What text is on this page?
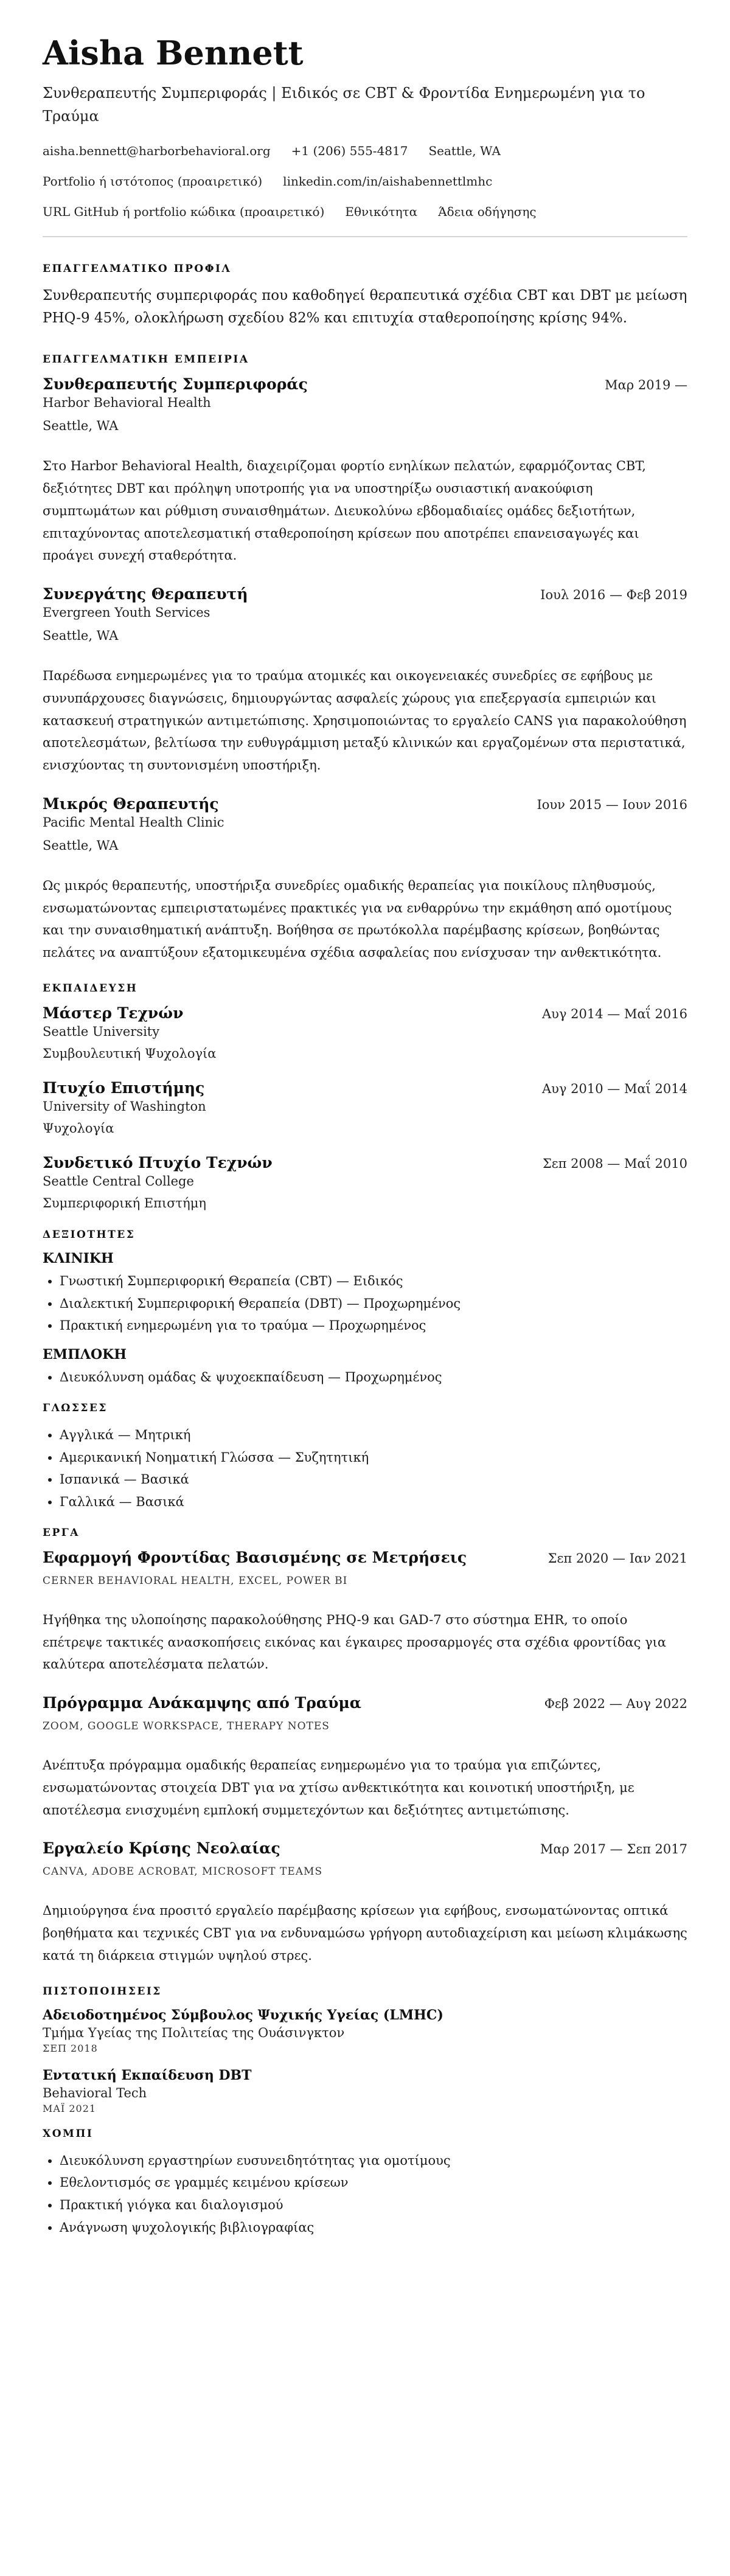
Aisha Bennett
Συνθεραπευτής Συμπεριφοράς | Ειδικός σε CBT & Φροντίδα Ενημερωμένη για το Τραύμα
aisha.bennett@harborbehavioral.org +1 (206) 555-4817 Seattle, WA
Portfolio ή ιστότοπος (προαιρετικό) linkedin.com/in/aishabennettlmhc
URL GitHub ή portfolio κώδικα (προαιρετικό) Εθνικότητα Άδεια οδήγησης
ΕΠΑΓΓΕΛΜΑΤΙΚΟ ΠΡΟΦΙΛ
Συνθεραπευτής συμπεριφοράς που καθοδηγεί θεραπευτικά σχέδια CBT και DBT με μείωση PHQ-9 45%, ολοκλήρωση σχεδίου 82% και επιτυχία σταθεροποίησης κρίσης 94%.
ΕΠΑΓΓΕΛΜΑΤΙΚΗ ΕΜΠΕΙΡΙΑ
Συνθεραπευτής Συμπεριφοράς	Μαρ 2019 —
Harbor Behavioral Health
Seattle, WA
Στο Harbor Behavioral Health, διαχειρίζομαι φορτίο ενηλίκων πελατών, εφαρμόζοντας CBT, δεξιότητες DBT και πρόληψη υποτροπής για να υποστηρίξω ουσιαστική ανακούφιση συμπτωμάτων και ρύθμιση συναισθημάτων. Διευκολύνω εβδομαδιαίες ομάδες δεξιοτήτων, επιταχύνοντας αποτελεσματική σταθεροποίηση κρίσεων που αποτρέπει επανεισαγωγές και προάγει συνεχή σταθερότητα.
Συνεργάτης Θεραπευτή	Ιουλ 2016 — Φεβ 2019
Evergreen Youth Services
Seattle, WA
Παρέδωσα ενημερωμένες για το τραύμα ατομικές και οικογενειακές συνεδρίες σε εφήβους με συνυπάρχουσες διαγνώσεις, δημιουργώντας ασφαλείς χώρους για επεξεργασία εμπειριών και κατασκευή στρατηγικών αντιμετώπισης. Χρησιμοποιώντας το εργαλείο CANS για παρακολούθηση αποτελεσμάτων, βελτίωσα την ευθυγράμμιση μεταξύ κλινικών και εργαζομένων στα περιστατικά, ενισχύοντας τη συντονισμένη υποστήριξη.
Μικρός Θεραπευτής	Ιουν 2015 — Ιουν 2016
Pacific Mental Health Clinic
Seattle, WA
Ως μικρός θεραπευτής, υποστήριξα συνεδρίες ομαδικής θεραπείας για ποικίλους πληθυσμούς, ενσωματώνοντας εμπειριστατωμένες πρακτικές για να ενθαρρύνω την εκμάθηση από ομοτίμους και την συναισθηματική ανάπτυξη. Βοήθησα σε πρωτόκολλα παρέμβασης κρίσεων, βοηθώντας πελάτες να αναπτύξουν εξατομικευμένα σχέδια ασφαλείας που ενίσχυσαν την ανθεκτικότητα.
ΕΚΠΑΙΔΕΥΣΗ
Μάστερ Τεχνών	Αυγ 2014 — Μαΐ 2016
Seattle University
Συμβουλευτική Ψυχολογία
Πτυχίο Επιστήμης	Αυγ 2010 — Μαΐ 2014
University of Washington
Ψυχολογία
Συνδετικό Πτυχίο Τεχνών	Σεπ 2008 — Μαΐ 2010
Seattle Central College
Συμπεριφορική Επιστήμη
ΔΕΞΙΟΤΗΤΕΣ
ΚΛΙΝΙΚΗ
• Γνωστική Συμπεριφορική Θεραπεία (CBT) — Ειδικός
• Διαλεκτική Συμπεριφορική Θεραπεία (DBT) — Προχωρημένος
• Πρακτική ενημερωμένη για το τραύμα — Προχωρημένος
ΕΜΠΛΟΚΗ
• Διευκόλυνση ομάδας & ψυχοεκπαίδευση — Προχωρημένος
ΓΛΩΣΣΕΣ
• Αγγλικά — Μητρική
• Αμερικανική Νοηματική Γλώσσα — Συζητητική
• Ισπανικά — Βασικά
• Γαλλικά — Βασικά
ΕΡΓΑ
Εφαρμογή Φροντίδας Βασισμένης σε Μετρήσεις	Σεπ 2020 — Ιαν 2021
CERNER BEHAVIORAL HEALTH, EXCEL, POWER BI
Ηγήθηκα της υλοποίησης παρακολούθησης PHQ-9 και GAD-7 στο σύστημα EHR, το οποίο επέτρεψε τακτικές ανασκοπήσεις εικόνας και έγκαιρες προσαρμογές στα σχέδια φροντίδας για καλύτερα αποτελέσματα πελατών.
Πρόγραμμα Ανάκαμψης από Τραύμα	Φεβ 2022 — Αυγ 2022
ZOOM, GOOGLE WORKSPACE, THERAPY NOTES
Ανέπτυξα πρόγραμμα ομαδικής θεραπείας ενημερωμένο για το τραύμα για επιζώντες, ενσωματώνοντας στοιχεία DBT για να χτίσω ανθεκτικότητα και κοινοτική υποστήριξη, με αποτέλεσμα ενισχυμένη εμπλοκή συμμετεχόντων και δεξιότητες αντιμετώπισης.
Εργαλείο Κρίσης Νεολαίας	Μαρ 2017 — Σεπ 2017
CANVA, ADOBE ACROBAT, MICROSOFT TEAMS
Δημιούργησα ένα προσιτό εργαλείο παρέμβασης κρίσεων για εφήβους, ενσωματώνοντας οπτικά βοηθήματα και τεχνικές CBT για να ενδυναμώσω γρήγορη αυτοδιαχείριση και μείωση κλιμάκωσης κατά τη διάρκεια στιγμών υψηλού στρες.
ΠΙΣΤΟΠΟΙΗΣΕΙΣ
Αδειοδοτημένος Σύμβουλος Ψυχικής Υγείας (LMHC)
Τμήμα Υγείας της Πολιτείας της Ουάσινγκτον
ΣΕΠ 2018
Εντατική Εκπαίδευση DBT
Behavioral Tech
ΜΑΪ 2021
ΧΟΜΠΙ
• Διευκόλυνση εργαστηρίων ευσυνειδητότητας για ομοτίμους
• Εθελοντισμός σε γραμμές κειμένου κρίσεων
• Πρακτική γιόγκα και διαλογισμού
• Ανάγνωση ψυχολογικής βιβλιογραφίας
